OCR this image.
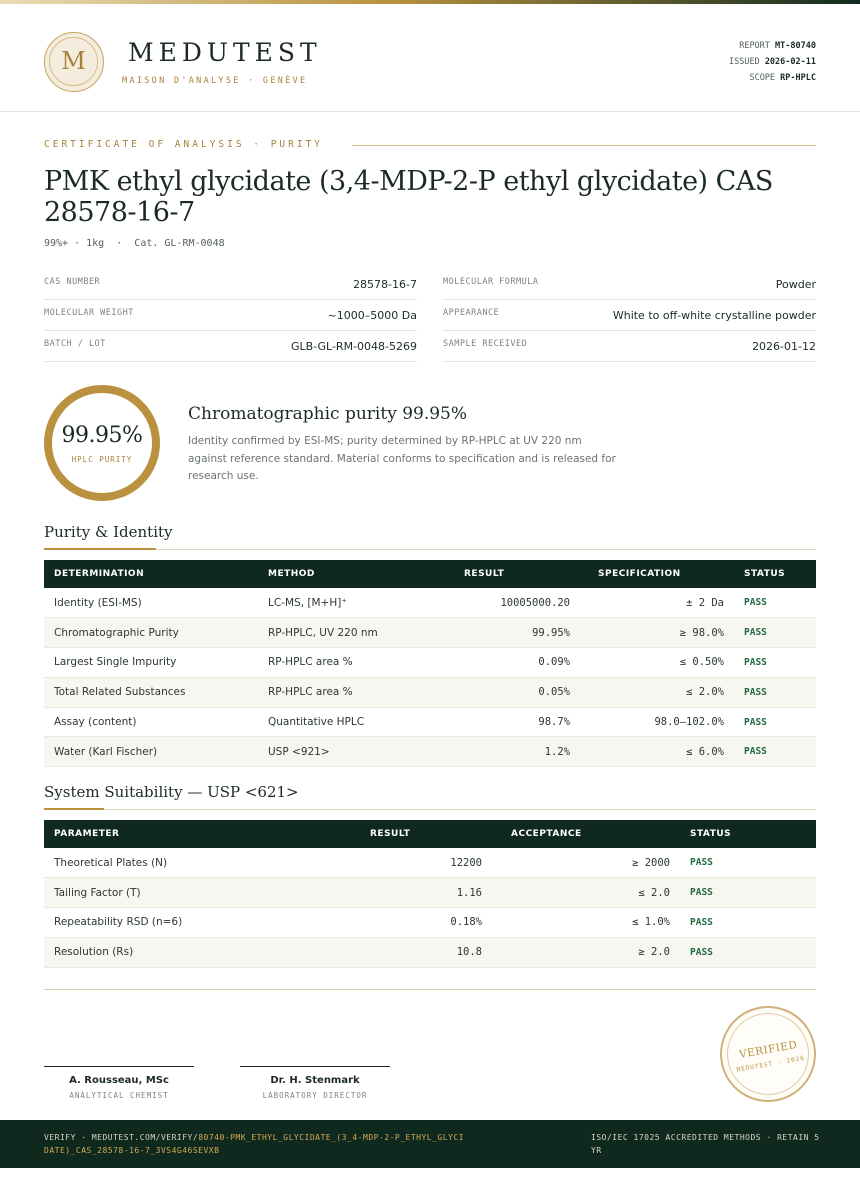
M	MEDUTEST
MAISON D'ANALYSE · GENÈVE
REPORT MT-80740
ISSUED 2026-02-11
SCOPE RP-HPLC
CERTIFICATE OF ANALYSIS · PURITY
PMK ethyl glycidate (3,4-MDP-2-P ethyl glycidate) CAS 28578-16-7
99%+ · 1kg  ·  Cat. GL-RM-0048
CAS NUMBER	28578-16-7	MOLECULAR FORMULA	Powder
MOLECULAR WEIGHT	~1000–5000 Da	APPEARANCE	White to off-white crystalline powder
BATCH / LOT	GLB-GL-RM-0048-5269	SAMPLE RECEIVED	2026-01-12
99.95%
HPLC PURITY
Chromatographic purity 99.95%
Identity confirmed by ESI-MS; purity determined by RP-HPLC at UV 220 nm against reference standard. Material conforms to specification and is released for research use.
Purity & Identity
DETERMINATION	METHOD	RESULT	SPECIFICATION	STATUS
Identity (ESI-MS)	LC-MS, [M+H]⁺	10005000.20	± 2 Da	PASS
Chromatographic Purity	RP-HPLC, UV 220 nm	99.95%	≥ 98.0%	PASS
Largest Single Impurity	RP-HPLC area %	0.09%	≤ 0.50%	PASS
Total Related Substances	RP-HPLC area %	0.05%	≤ 2.0%	PASS
Assay (content)	Quantitative HPLC	98.7%	98.0–102.0%	PASS
Water (Karl Fischer)	USP <921>	1.2%	≤ 6.0%	PASS
System Suitability — USP <621>
PARAMETER	RESULT	ACCEPTANCE	STATUS
Theoretical Plates (N)	12200	≥ 2000	PASS
Tailing Factor (T)	1.16	≤ 2.0	PASS
Repeatability RSD (n=6)	0.18%	≤ 1.0%	PASS
Resolution (Rs)	10.8	≥ 2.0	PASS
A. Rousseau, MSc
ANALYTICAL CHEMIST
Dr. H. Stenmark
LABORATORY DIRECTOR
VERIFIED
MEDUTEST · 2026
VERIFY · MEDUTEST.COM/VERIFY/80740-PMK_ETHYL_GLYCIDATE_(3_4-MDP-2-P_ETHYL_GLYCIDATE)_CAS_28578-16-7_3VS4G46SEVXB
ISO/IEC 17025 ACCREDITED METHODS · RETAIN 5 YR
